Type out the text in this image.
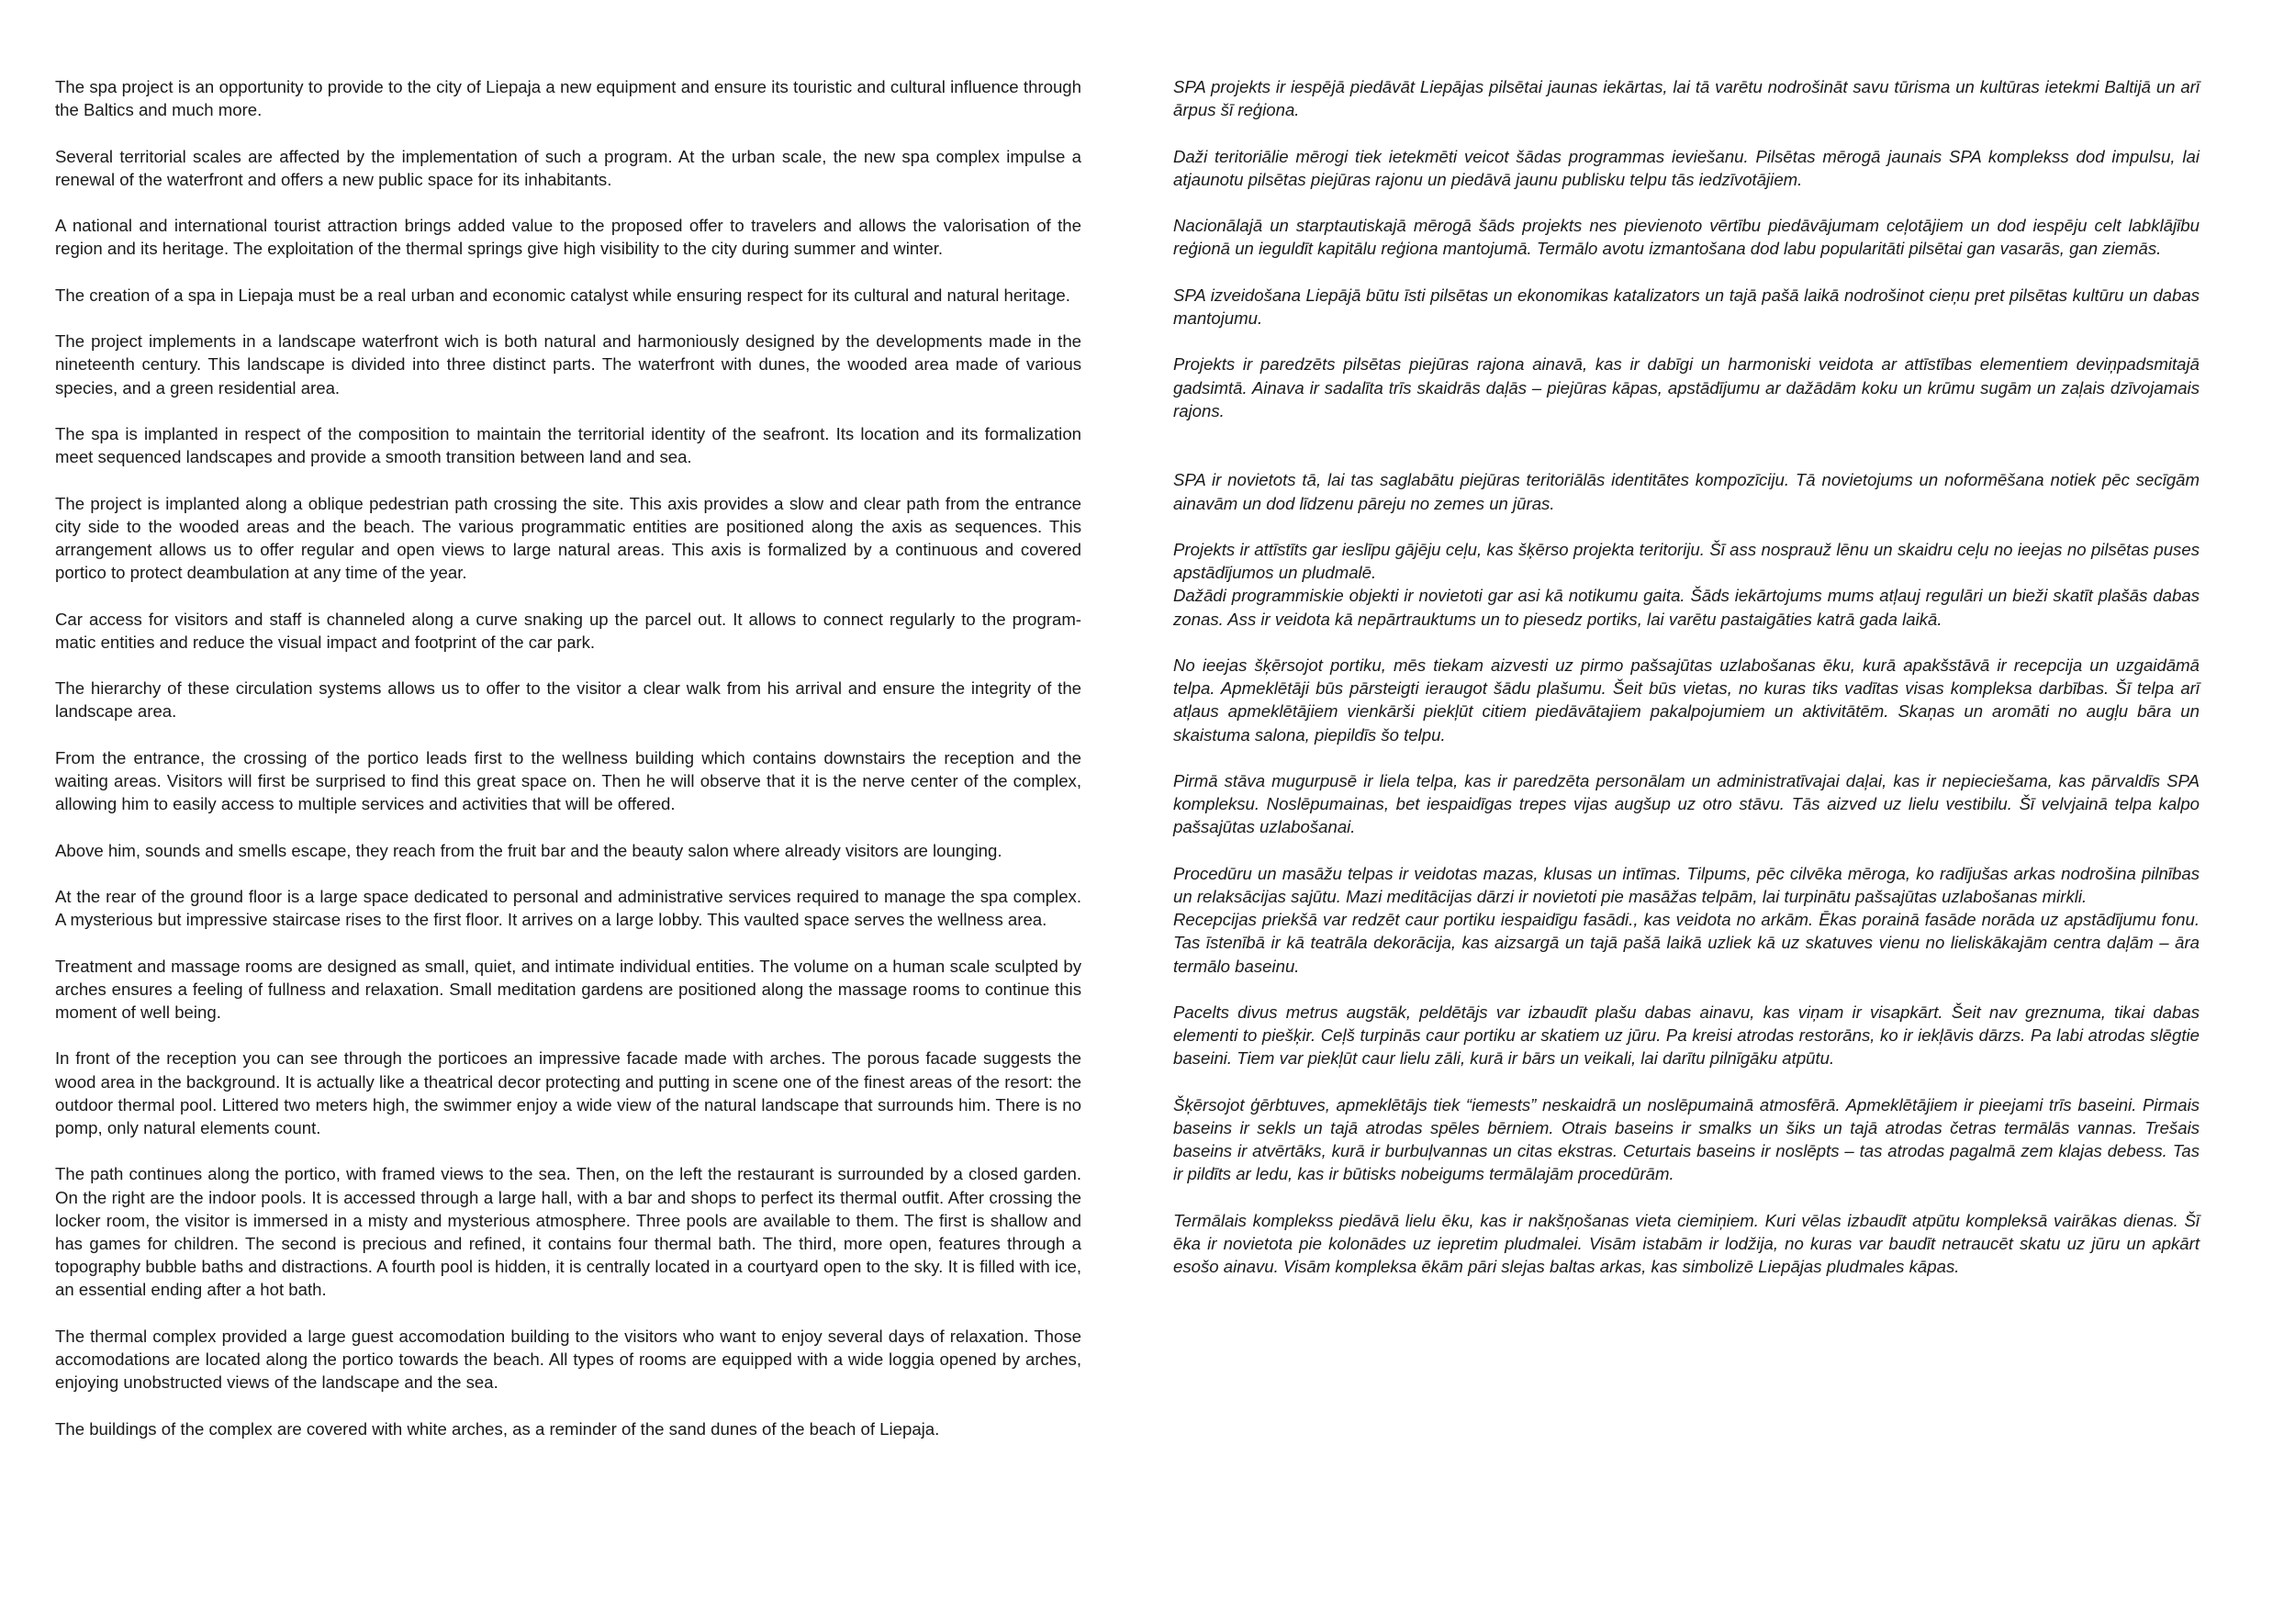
The spa project is an opportunity to provide to the city of Liepaja a new equipment and ensure its touristic and cultural influence through the Baltics and much more.

Several territorial scales are affected by the implementation of such a program. At the urban scale, the new spa complex impulse a renewal of the waterfront and offers a new public space for its inhabitants.

A national and international tourist attraction brings added value to the proposed offer to travelers and allows the valorisation of the region and its heritage. The exploitation of the thermal springs give high visibility to the city during summer and winter.

The creation of a spa in Liepaja must be a real urban and economic catalyst while ensuring respect for its cultural and natural heritage.

The project implements in a landscape waterfront wich is both natural and harmoniously designed by the developments made in the nineteenth century. This landscape is divided into three distinct parts. The waterfront with dunes, the wooded area made of various species, and a green residential area.

The spa is implanted in respect of the composition to maintain the territorial identity of the seafront. Its location and its formalization meet sequenced landscapes and provide a smooth transition between land and sea.

The project is implanted along a oblique pedestrian path crossing the site. This axis provides a slow and clear path from the entrance city side to the wooded areas and the beach. The various programmatic entities are positioned along the axis as sequences. This arrangement allows us to offer regular and open views to large natural areas. This axis is formalized by a continuous and covered portico to protect deambulation at any time of the year.

Car access for visitors and staff is channeled along a curve snaking up the parcel out. It allows to connect regularly to the program-matic entities and reduce the visual impact and footprint of the car park.

The hierarchy of these circulation systems allows us to offer to the visitor a clear walk from his arrival and ensure the integrity of the landscape area.

From the entrance, the crossing of the portico leads first to the wellness building which contains downstairs the reception and the waiting areas. Visitors will first be surprised to find this great space on. Then he will observe that it is the nerve center of the complex, allowing him to easily access to multiple services and activities that will be offered.

Above him, sounds and smells escape, they reach from the fruit bar and the beauty salon where already visitors are lounging.

At the rear of the ground floor is a large space dedicated to personal and administrative services required to manage the spa complex. A mysterious but impressive staircase rises to the first floor. It arrives on a large lobby. This vaulted space serves the wellness area.

Treatment and massage rooms are designed as small, quiet, and intimate individual entities. The volume on a human scale sculpted by arches ensures a feeling of fullness and relaxation. Small meditation gardens are positioned along the massage rooms to continue this moment of well being.

In front of the reception you can see through the porticoes an impressive facade made with arches. The porous facade suggests the wood area in the background. It is actually like a theatrical decor protecting and putting in scene one of the finest areas of the resort: the outdoor thermal pool. Littered two meters high, the swimmer enjoy a wide view of the natural landscape that surrounds him. There is no pomp, only natural elements count.

The path continues along the portico, with framed views to the sea. Then, on the left the restaurant is surrounded by a closed garden. On the right are the indoor pools. It is accessed through a large hall, with a bar and shops to perfect its thermal outfit. After crossing the locker room, the visitor is immersed in a misty and mysterious atmosphere. Three pools are available to them. The first is shallow and has games for children. The second is precious and refined, it contains four thermal bath. The third, more open, features through a topography bubble baths and distractions. A fourth pool is hidden, it is centrally located in a courtyard open to the sky. It is filled with ice, an essential ending after a hot bath.

The thermal complex provided a large guest accomodation building to the visitors who want to enjoy several days of relaxation. Those accomodations are located along the portico towards the beach. All types of rooms are equipped with a wide loggia opened by arches, enjoying unobstructed views of the landscape and the sea.

The buildings of the complex are covered with white arches, as a reminder of the sand dunes of the beach of Liepaja.

SPA projekts ir iespējā piedāvāt Liepājas pilsētai jaunas iekārtas, lai tā varētu nodrošināt savu tūrisma un kultūras ietekmi Baltijā un arī ārpus šī reģiona.

Daži teritoriālie mērogi tiek ietekmēti veicot šādas programmas ieviešanu. Pilsētas mērogā jaunais SPA komplekss dod impulsu, lai atjaunotu pilsētas piejūras rajonu un piedāvā jaunu publisku telpu tās iedzīvotājiem.

Nacionālajā un starptautiskajā mērogā šāds projekts nes pievienoto vērtību piedāvājumam ceļotājiem un dod iespēju celt labklājību reģionā un ieguldīt kapitālu reģiona mantojumā. Termālo avotu izmantošana dod labu popularitāti pilsētai gan vasarās, gan ziemās.

SPA izveidošana Liepājā būtu īsti pilsētas un ekonomikas katalizators un tajā pašā laikā nodrošinot cieņu pret pilsētas kultūru un dabas mantojumu.

Projekts ir paredzēts pilsētas piejūras rajona ainavā, kas ir dabīgi un harmoniski veidota ar attīstības elementiem deviņpadsmitajā gadsimtā. Ainava ir sadalīta trīs skaidrās daļās – piejūras kāpas, apstādījumu ar dažādām koku un krūmu sugām un zaļais dzīvojamais rajons.

SPA ir novietots tā, lai tas saglabātu piejūras teritoriālās identitātes kompozīciju. Tā novietojums un noformēšana notiek pēc secīgām ainavām un dod līdzenu pāreju no zemes un jūras.

Projekts ir attīstīts gar ieslīpu gājēju ceļu, kas šķērso projekta teritoriju. Šī ass nosprauž lēnu un skaidru ceļu no ieejas no pilsētas puses apstādījumos un pludmalē.

Dažādi programmiskie objekti ir novietoti gar asi kā notikumu gaita. Šāds iekārtojums mums atļauj regulāri un bieži skatīt plašās dabas zonas. Ass ir veidota kā nepārtrauktums un to piesedz portiks, lai varētu pastaigāties katrā gada laikā.

No ieejas šķērsojot portiku, mēs tiekam aizvesti uz pirmo pašsajūtas uzlabošanas ēku, kurā apakšstāvā ir recepcija un uzgaidāmā telpa. Apmeklētāji būs pārsteigti ieraugot šādu plašumu. Šeit būs vietas, no kuras tiks vadītas visas kompleksa darbības. Šī telpa arī atļaus apmeklētājiem vienkārši piekļūt citiem piedāvātajiem pakalpojumiem un aktivitātēm. Skaņas un aromāti no augļu bāra un skaistuma salona, piepildīs šo telpu.

Pirmā stāva mugurpusē ir liela telpa, kas ir paredzēta personālam un administratīvajai daļai, kas ir nepieciešama, kas pārvaldīs SPA kompleksu. Noslēpumainas, bet iespaidīgas trepes vijas augšup uz otro stāvu. Tās aizved uz lielu vestibilu. Šī velvjainā telpa kalpo pašsajūtas uzlabošanai.

Procedūru un masāžu telpas ir veidotas mazas, klusas un intīmas. Tilpums, pēc cilvēka mēroga, ko radījušas arkas nodrošina pilnības un relaksācijas sajūtu. Mazi meditācijas dārzi ir novietoti pie masāžas telpām, lai turpinātu pašsajūtas uzlabošanas mirkli.

Recepcijas priekšā var redzēt caur portiku iespaidīgu fasādi., kas veidota no arkām. Ēkas porainā fasāde norāda uz apstādījumu fonu. Tas īstenībā ir kā teatrāla dekorācija, kas aizsargā un tajā pašā laikā uzliek kā uz skatuves vienu no lieliskākajām centra daļām – āra termālo baseinu.

Pacelts divus metrus augstāk, peldētājs var izbaudīt plašu dabas ainavu, kas viņam ir visapkārt. Šeit nav greznuma, tikai dabas elementi to piešķir. Ceļš turpinās caur portiku ar skatiem uz jūru. Pa kreisi atrodas restorāns, ko ir iekļāvis dārzs. Pa labi atrodas slēgtie baseini. Tiem var piekļūt caur lielu zāli, kurā ir bārs un veikali, lai darītu pilnīgāku atpūtu.

Šķērsojot ģērbtuves, apmeklētājs tiek “iemests” neskaidrā un noslēpumainā atmosfērā. Apmeklētājiem ir pieejami trīs baseini. Pirmais baseins ir sekls un tajā atrodas spēles bērniem. Otrais baseins ir smalks un šiks un tajā atrodas četras termālās vannas. Trešais baseins ir atvērtāks, kurā ir burbuļvannas un citas ekstras. Ceturtais baseins ir noslēpts – tas atrodas pagalmā zem klajas debess. Tas ir pildīts ar ledu, kas ir būtisks nobeigums termālajām procedūrām.

Termālais komplekss piedāvā lielu ēku, kas ir nakšņošanas vieta ciemiņiem. Kuri vēlas izbaudīt atpūtu kompleksā vairākas dienas. Šī ēka ir novietota pie kolonādes uz iepretim pludmalei. Visām istabām ir lodžija, no kuras var baudīt netraucēt skatu uz jūru un apkārt esošo ainavu. Visām kompleksa ēkām pāri slejas baltas arkas, kas simbolizē Liepājas pludmales kāpas.
